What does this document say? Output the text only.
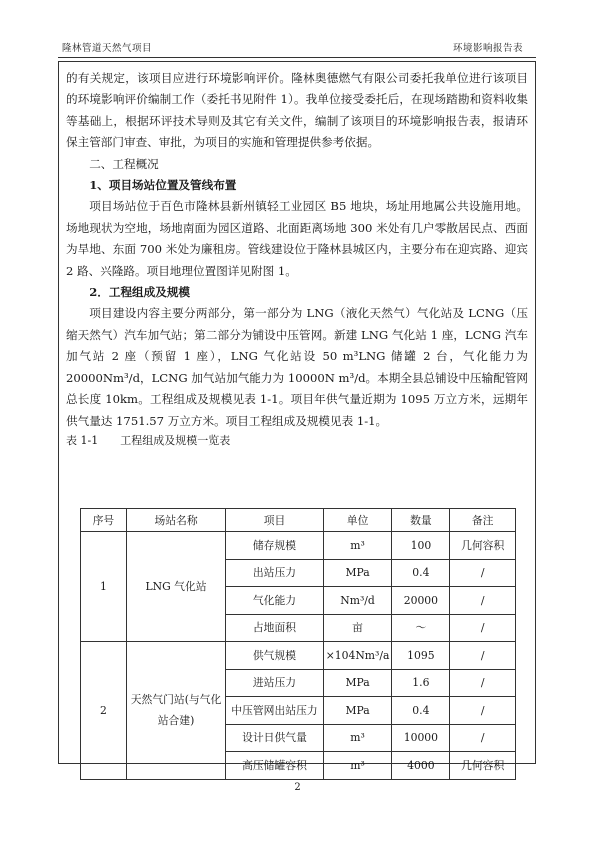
隆林管道天然气项目	环境影响报告表

的有关规定，该项目应进行环境影响评价。隆林奥德燃气有限公司委托我单位进行该项目的环境影响评价编制工作（委托书见附件 1）。我单位接受委托后，在现场踏勘和资料收集等基础上，根据环评技术导则及其它有关文件，编制了该项目的环境影响报告表，报请环保主管部门审查、审批，为项目的实施和管理提供参考依据。

二、工程概况

1、项目场站位置及管线布置

项目场站位于百色市隆林县新州镇轻工业园区 B5 地块，场址用地属公共设施用地。场地现状为空地，场地南面为园区道路、北面距离场地 300 米处有几户零散居民点、西面为旱地、东面 700 米处为廉租房。管线建设位于隆林县城区内，主要分布在迎宾路、迎宾 2 路、兴隆路。项目地理位置图详见附图 1。

2．工程组成及规模

项目建设内容主要分两部分，第一部分为 LNG（液化天然气）气化站及 LCNG（压缩天然气）汽车加气站；第二部分为铺设中压管网。新建 LNG 气化站 1 座，LCNG 汽车加气站 2 座（预留 1 座），LNG 气化站设 50 m³LNG 储罐 2 台，气化能力为 20000Nm³/d，LCNG 加气站加气能力为 10000N m³/d。本期全县总铺设中压输配管网总长度 10km。工程组成及规模见表 1-1。项目年供气量近期为 1095 万立方米，远期年供气量达 1751.57 万立方米。项目工程组成及规模见表 1-1。

表 1-1　　工程组成及规模一览表

序号	场站名称	项目	单位	数量	备注
1	LNG 气化站	储存规模	m³	100	几何容积
		出站压力	MPa	0.4	/
		气化能力	Nm³/d	20000	/
		占地面积	亩	～	/
2	天然气门站(与气化站合建)	供气规模	×104Nm³/a	1095	/
		进站压力	MPa	1.6	/
		中压管网出站压力	MPa	0.4	/
		设计日供气量	m³	10000	/
		高压储罐容积	m³	4000	几何容积
2
